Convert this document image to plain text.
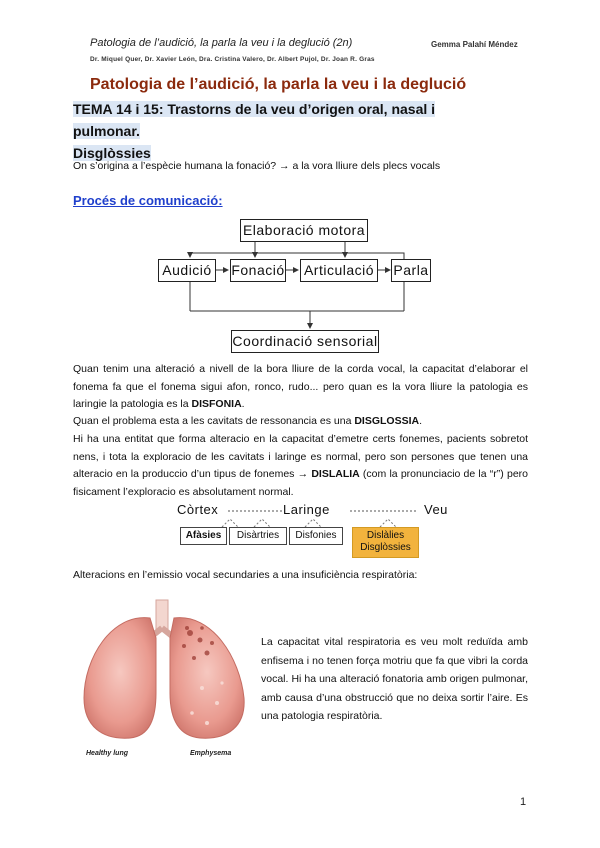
Patologia de l’audició, la parla la veu i la deglució (2n)	Gemma Palahí Méndez
Dr. Miquel Quer, Dr. Xavier León, Dra. Cristina Valero, Dr. Albert Pujol, Dr. Joan R. Gras
Patologia de l’audició, la parla la veu i la deglució
TEMA 14 i 15: Trastorns de la veu d’origen oral, nasal i pulmonar.
Disglòssies
On s’origina a l’espècie humana la fonació? → a la vora lliure dels plecs vocals
Procés de comunicació:
Elaboració motora
Audició	Fonació Articulació Parla
Coordinació sensorial
Quan tenim una alteració a nivell de la bora lliure de la corda vocal, la capacitat d’elaborar el fonema fa que el fonema sigui afon, ronco, rudo... pero quan es la vora lliure la patologia es laringie la patologia es la DISFONIA.
Quan el problema esta a les cavitats de ressonancia es una DISGLOSSIA.
Hi ha una entitat que forma alteracio en la capacitat d’emetre certs fonemes, pacients sobretot nens, i tota la exploracio de les cavitats i laringe es normal, pero son persones que tenen una alteracio en la produccio d’un tipus de fonemes → DISLALIA (com la pronunciacio de la “r”) pero fisicament l’exploracio es absolutament normal.
Còrtex	Laringe	Veu
Afàsies	Disàrtries	Disfonies	Dislàlies
Disglòssies
Alteracions en l’emissio vocal secundaries a una insuficiència respiratòria:
Healthy lung	Emphysema
La capacitat vital respiratoria es veu molt reduïda amb enfisema i no tenen força motriu que fa que vibri la corda vocal. Hi ha una alteració fonatoria amb origen pulmonar, amb causa d’una obstrucció que no deixa sortir l’aire. Es una patologia respiratòria.
1
